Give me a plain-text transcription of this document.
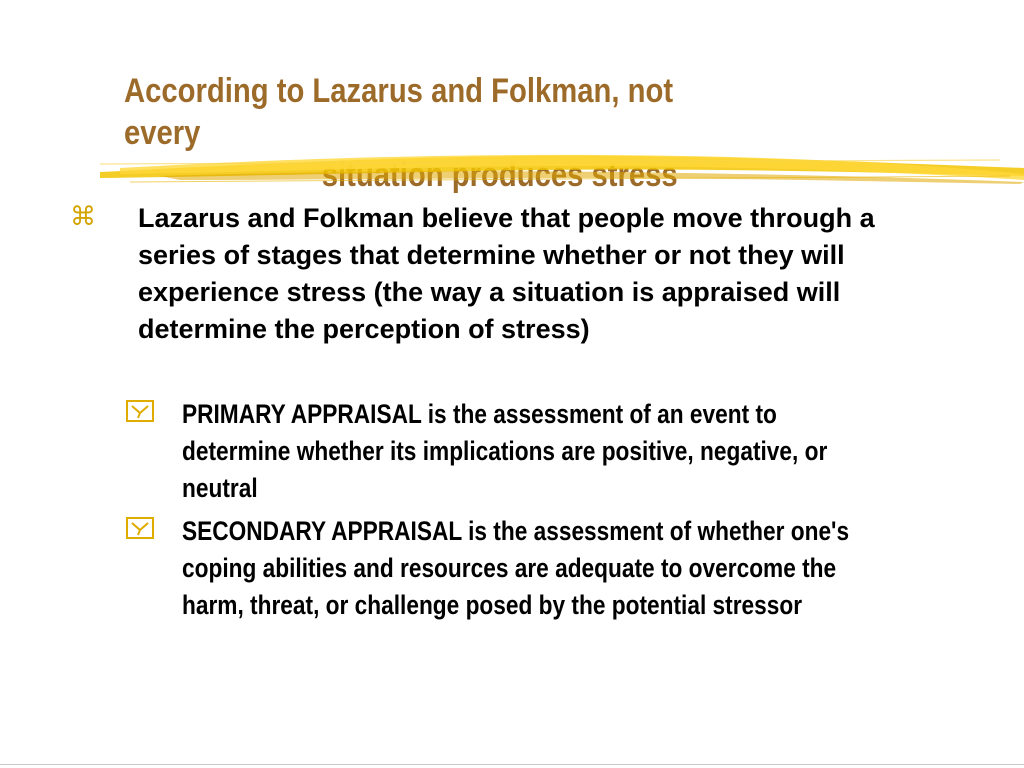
According to Lazarus and Folkman, not every
⌘ Lazarus and Folkman believe that people move through a series of stages that determine whether or not they will experience stress (the way a situation is appraised will determine the perception of stress)
PRIMARY APPRAISAL is the assessment of an event to determine whether its implications are positive, negative, or neutral
SECONDARY APPRAISAL is the assessment of whether one's coping abilities and resources are adequate to overcome the harm, threat, or challenge posed by the potential stressor
